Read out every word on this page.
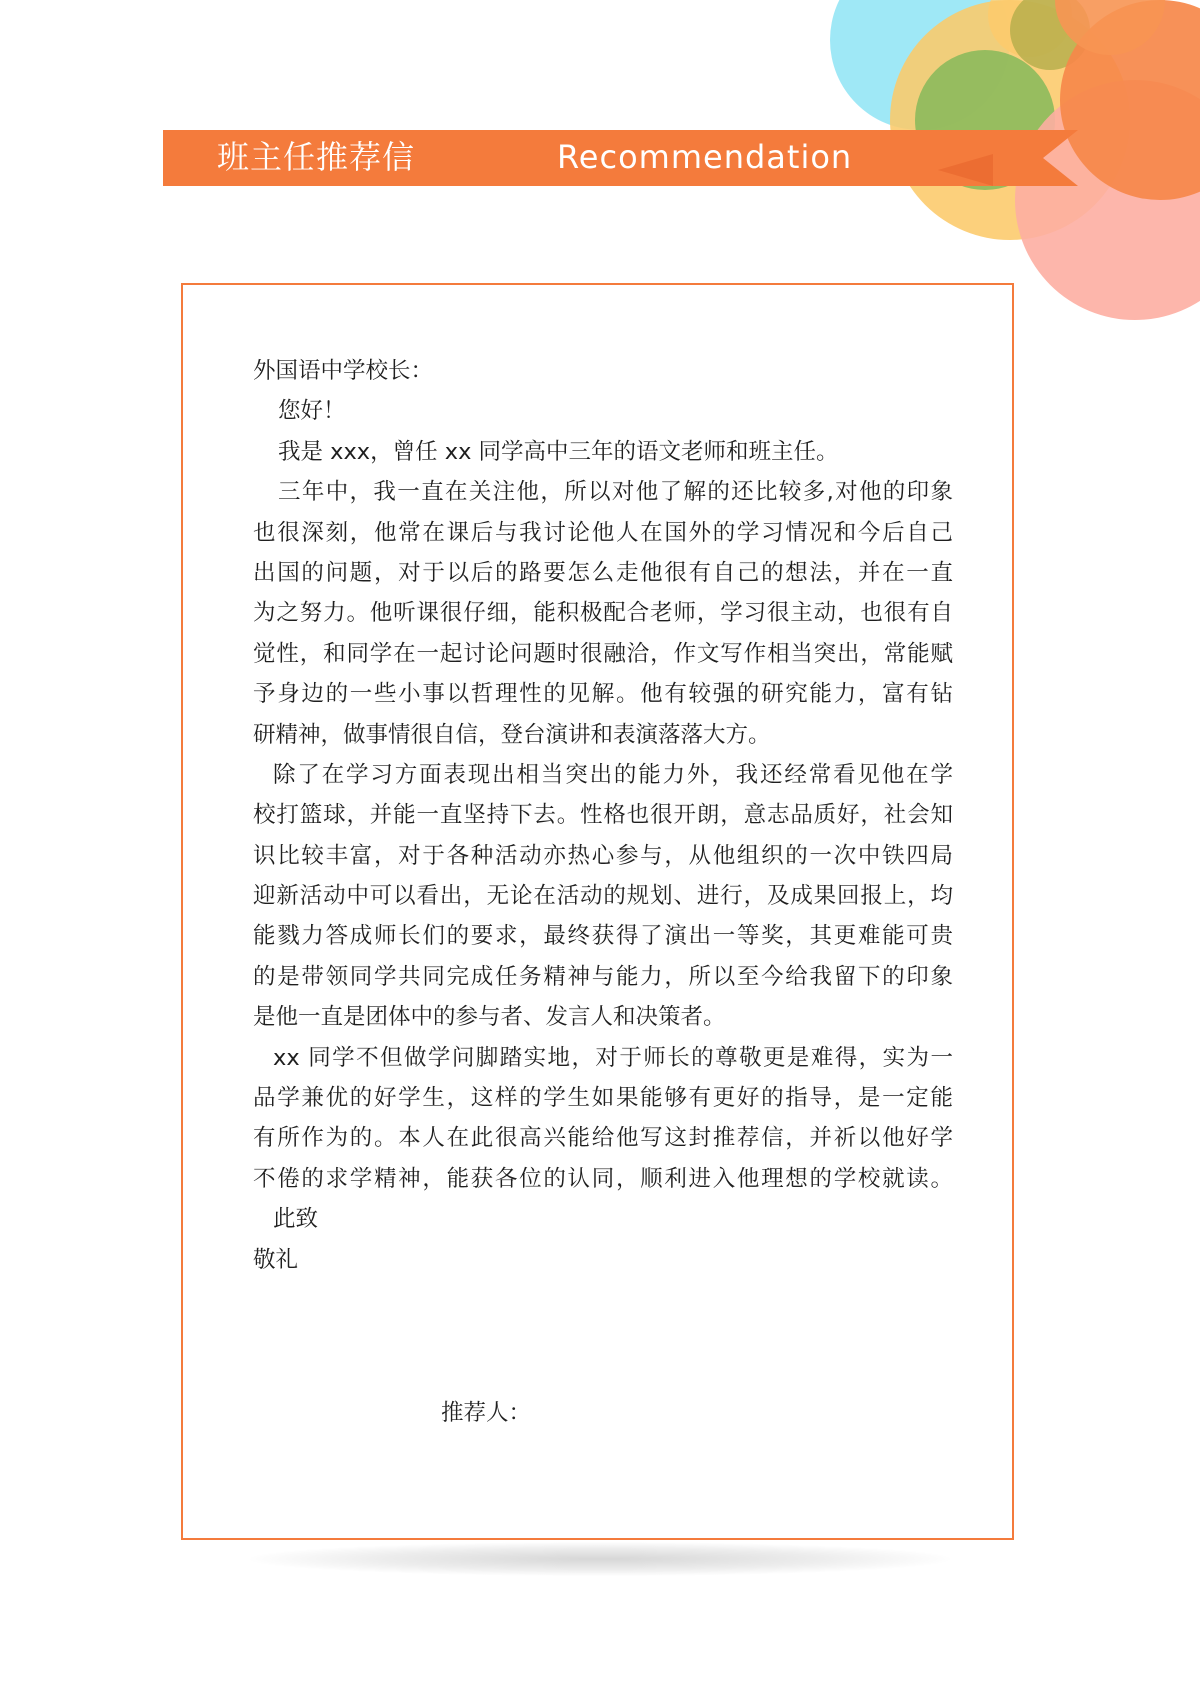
班主任推荐信	Recommendation
外国语中学校长：
您好！
我是 xxx，曾任 xx 同学高中三年的语文老师和班主任。
三年中，我一直在关注他，所以对他了解的还比较多,对他的印象
也很深刻，他常在课后与我讨论他人在国外的学习情况和今后自己
出国的问题，对于以后的路要怎么走他很有自己的想法，并在一直
为之努力。他听课很仔细，能积极配合老师，学习很主动，也很有自
觉性，和同学在一起讨论问题时很融洽，作文写作相当突出，常能赋
予身边的一些小事以哲理性的见解。他有较强的研究能力，富有钻
研精神，做事情很自信，登台演讲和表演落落大方。
除了在学习方面表现出相当突出的能力外，我还经常看见他在学
校打篮球，并能一直坚持下去。性格也很开朗，意志品质好，社会知
识比较丰富，对于各种活动亦热心参与，从他组织的一次中铁四局
迎新活动中可以看出，无论在活动的规划、进行，及成果回报上，均
能戮力答成师长们的要求，最终获得了演出一等奖，其更难能可贵
的是带领同学共同完成任务精神与能力，所以至今给我留下的印象
是他一直是团体中的参与者、发言人和决策者。
xx 同学不但做学问脚踏实地，对于师长的尊敬更是难得，实为一
品学兼优的好学生，这样的学生如果能够有更好的指导，是一定能
有所作为的。本人在此很高兴能给他写这封推荐信，并祈以他好学
不倦的求学精神，能获各位的认同，顺利进入他理想的学校就读。
此致
敬礼
推荐人：
